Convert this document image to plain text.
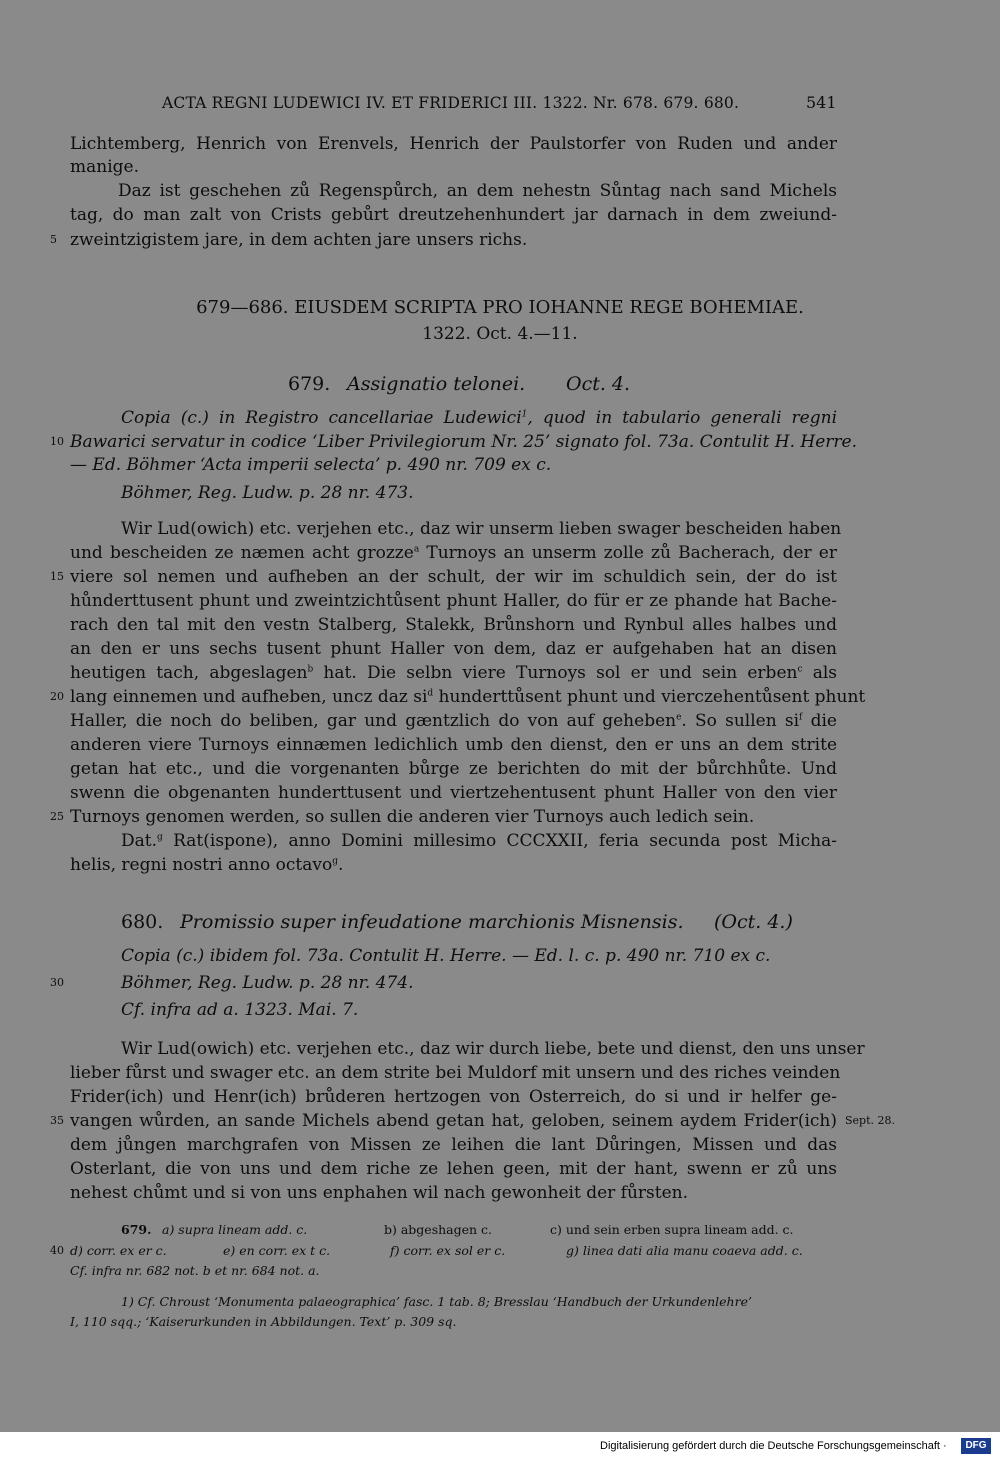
ACTA REGNI LUDEWICI IV. ET FRIDERICI III. 1322. Nr. 678. 679. 680.	541
Lichtemberg, Henrich von Erenvels, Henrich der Paulstorfer von Ruden und ander
manige.
Daz ist geschehen zů Regenspůrch, an dem nehestn Sůntag nach sand Michels
tag, do man zalt von Crists gebůrt dreutzehenhundert jar darnach in dem zweiund-
5 zweintzigistem jare, in dem achten jare unsers richs.
679—686. EIUSDEM SCRIPTA PRO IOHANNE REGE BOHEMIAE.
1322. Oct. 4.—11.
679. Assignatio telonei. Oct. 4.
Copia (c.) in Registro cancellariae Ludewici$^1$, quod in tabulario generali regni
10 Bawarici servatur in codice ‘Liber Privilegiorum Nr. 25’ signato fol. 73a. Contulit H. Herre.
— Ed. Böhmer ‘Acta imperii selecta’ p. 490 nr. 709 ex c.
Böhmer, Reg. Ludw. p. 28 nr. 473.
Wir Lud(owich) etc. verjehen etc., daz wir unserm lieben swager bescheiden haben
und bescheiden ze næmen acht grozze$^a$ Turnoys an unserm zolle zů Bacherach, der er
15 viere sol nemen und aufheben an der schult, der wir im schuldich sein, der do ist
hůnderttusent phunt und zweintzichtůsent phunt Haller, do für er ze phande hat Bache-
rach den tal mit den vestn Stalberg, Stalekk, Brůnshorn und Rynbul alles halbes und
an den er uns sechs tusent phunt Haller von dem, daz er aufgehaben hat an disen
heutigen tach, abgeslagen$^b$ hat. Die selbn viere Turnoys sol er und sein erben$^c$ als
20 lang einnemen und aufheben, uncz daz $si^d$ hunderttůsent phunt und vierczehentůsent phunt
Haller, die noch do beliben, gar und gæntzlich do von auf geheben$^e$. So sullen $si^f$ die
anderen viere Turnoys einnæmen ledichlich umb den dienst, den er uns an dem strite
getan hat etc., und die vorgenanten bůrge ze berichten do mit der bůrchhůte. Und
swenn die obgenanten hunderttusent und viertzehentusent phunt Haller von den vier
25 Turnoys genomen werden, so sullen die anderen vier Turnoys auch ledich sein.
Dat.$^g$ Rat(ispone), anno Domini millesimo CCCXXII, feria secunda post Micha-
helis, regni nostri anno octavo$^g$.
680. Promissio super infeudatione marchionis Misnensis. (Oct. 4.)
Copia (c.) ibidem fol. 73a. Contulit H. Herre. — Ed. l. c. p. 490 nr. 710 ex c.
30	Böhmer, Reg. Ludw. p. 28 nr. 474.
Cf. infra ad a. 1323. Mai. 7.
Wir Lud(owich) etc. verjehen etc., daz wir durch liebe, bete und dienst, den uns unser
lieber fůrst und swager etc. an dem strite bei Muldorf mit unsern und des riches veinden
Frider(ich) und Henr(ich) brůderen hertzogen von Osterreich, do si und ir helfer ge-
35 vangen wůrden, an sande Michels abend getan hat, geloben, seinem aydem Frider(ich) Sept. 28.
dem jůngen marchgrafen von Missen ze leihen die lant Důringen, Missen und das
Osterlant, die von uns und dem riche ze lehen geen, mit der hant, swenn er zů uns
nehest chůmt und si von uns enphahen wil nach gewonheit der fůrsten.
679. a) supra lineam add. c.	b) abgeshagen c.	c) und sein erben supra lineam add. c.
40 d) corr. ex er c.	e) en corr. ex t c.	f) corr. ex sol er c.	g) linea dati alia manu coaeva add. c.
Cf. infra nr. 682 not. b et nr. 684 not. a.
1) Cf. Chroust ‘Monumenta palaeographica’ fasc. 1 tab. 8; Bresslau ‘Handbuch der Urkundenlehre’
I, 110 sqq.; ‘Kaiserurkunden in Abbildungen. Text’ p. 309 sq.
Digitalisierung gefördert durch die Deutsche Forschungsgemeinschaft ·	DFG
